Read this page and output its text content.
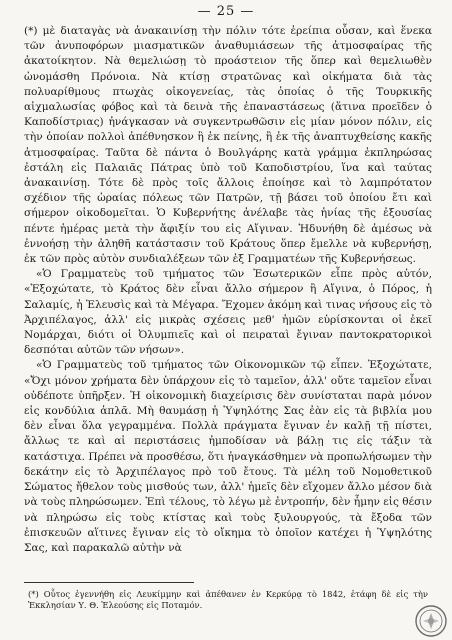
— 25 —

(*) μὲ διαταγὰς νὰ ἀνακαινίσῃ τὴν πόλιν τότε ἐρείπια οὖσαν, καὶ ἕνεκα τῶν ἀνυποφόρων μιασματικῶν ἀναθυμιάσεων τῆς ἀτμοσφαίρας τῆς ἀκατοίκητον. Νὰ θεμελιώσῃ τὸ προάστειον τῆς ὅπερ καὶ θεμελιωθὲν ὠνομάσθη Πρόνοια. Νὰ κτίσῃ στρατῶνας καὶ οἰκήματα διὰ τὰς πολυαρίθμους πτωχὰς οἰκογενείας, τὰς ὁποίας ὁ τῆς Τουρκικῆς αἰχμαλωσίας φόβος καὶ τὰ δεινὰ τῆς ἐπαναστάσεως (ἅτινα προεῖδεν ὁ Καποδίστριας) ἠνάγκασαν νὰ συγκεντρωθῶσιν εἰς μίαν μόνον πόλιν, εἰς τὴν ὁποίαν πολλοὶ ἀπέθνησκον ἢ ἐκ πείνης, ἢ ἐκ τῆς ἀναπτυχθείσης κακῆς ἀτμοσφαίρας. Ταῦτα δὲ πάντα ὁ Βουλγάρης κατὰ γράμμα ἐκπληρώσας ἐστάλη εἰς Παλαιᾶς Πάτρας ὑπὸ τοῦ Καποδιστρίου, ἵνα καὶ ταύτας ἀνακαινίσῃ. Τότε δὲ πρὸς τοῖς ἄλλοις ἐποίησε καὶ τὸ λαμπρότατον σχέδιον τῆς ὡραίας πόλεως τῶν Πατρῶν, τῇ βάσει τοῦ ὁποίου ἔτι καὶ σήμερον οἰκοδομεῖται. Ὁ Κυβερνήτης ἀνέλαβε τὰς ἡνίας τῆς ἐξουσίας πέντε ἡμέρας μετὰ τὴν ἄφιξίν του εἰς Αἴγιναν. Ἠδυνήθη δὲ ἀμέσως νὰ ἐννοήσῃ τὴν ἀληθῆ κατάστασιν τοῦ Κράτους ὅπερ ἔμελλε νὰ κυβερνήσῃ, ἐκ τῶν πρὸς αὐτὸν συνδιαλέξεων τῶν ἐξ Γραμματέων τῆς Κυβερνήσεως.

«Ὁ Γραμματεὺς τοῦ τμήματος τῶν Ἐσωτερικῶν εἶπε πρὸς αὐτόν, «Ἐξοχώτατε, τὸ Κράτος δὲν εἶναι ἄλλο σήμερον ἢ Αἴγινα, ὁ Πόρος, ἡ Σαλαμίς, ἡ Ἐλευσὶς καὶ τὰ Μέγαρα. Ἔχομεν ἀκόμη καὶ τινας νήσους εἰς τὸ Ἀρχιπέλαγος, ἀλλ' εἰς μικρὰς σχέσεις μεθ' ἡμῶν εὑρίσκονται οἱ ἐκεῖ Νομάρχαι, διότι οἱ Ὀλυμπιεῖς καὶ οἱ πειραταὶ ἔγιναν παντοκρατορικοὶ δεσπόται αὐτῶν τῶν νήσων».

«Ὁ Γραμματεὺς τοῦ τμήματος τῶν Οἰκονομικῶν τῷ εἶπεν. Ἐξοχώτατε, «Ὄχι μόνον χρήματα δὲν ὑπάρχουν εἰς τὸ ταμεῖον, ἀλλ' οὔτε ταμεῖον εἶναι οὐδέποτε ὑπῆρξεν. Ἡ οἰκονομικὴ διαχείρισις δὲν συνίσταται παρὰ μόνον εἰς κονδύλια ἁπλᾶ. Μὴ θαυμάσῃ ἡ Ὑψηλότης Σας ἐὰν εἰς τὰ βιβλία μου δὲν εἶναι ὅλα γεγραμμένα. Πολλὰ πράγματα ἔγιναν ἐν καλῇ τῇ πίστει, ἄλλως τε καὶ αἱ περιστάσεις ἠμποδίσαν νὰ βάλῃ τις εἰς τάξιν τὰ κατάστιχα. Πρέπει νὰ προσθέσω, ὅτι ἠναγκάσθημεν νὰ προπωλήσωμεν τὴν δεκάτην εἰς τὸ Ἀρχιπέλαγος πρὸ τοῦ ἔτους. Τὰ μέλη τοῦ Νομοθετικοῦ Σώματος ἤθελον τοὺς μισθούς των, ἀλλ' ἡμεῖς δὲν εἴχομεν ἄλλο μέσον διὰ νὰ τοὺς πληρώσωμεν. Ἐπὶ τέλους, τὸ λέγω μὲ ἐντροπήν, δὲν ἦμην εἰς θέσιν νὰ πληρώσω εἰς τοὺς κτίστας καὶ τοὺς ξυλουργούς, τὰ ἔξοδα τῶν ἐπισκευῶν αἵτινες ἔγιναν εἰς τὸ οἴκημα τὸ ὁποῖον κατέχει ἡ Ὑψηλότης Σας, καὶ παρακαλῶ αὐτὴν νὰ

(*) Οὗτος ἐγεννήθη εἰς Λευκίμμην καὶ ἀπέθανεν ἐν Κερκύρᾳ τὸ 1842, ἐτάφη δὲ εἰς τὴν Ἐκκλησίαν Υ. Θ. Ἐλεούσης εἰς Ποταμόν.
